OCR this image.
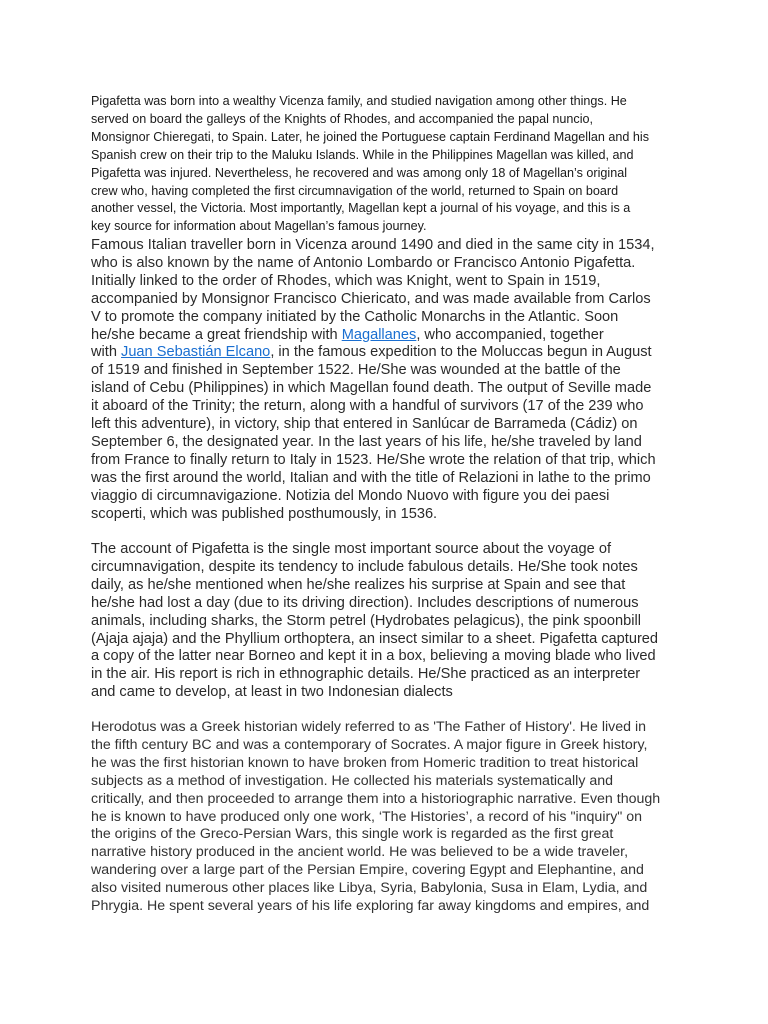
Pigafetta was born into a wealthy Vicenza family, and studied navigation among other things. He
served on board the galleys of the Knights of Rhodes, and accompanied the papal nuncio,
Monsignor Chieregati, to Spain. Later, he joined the Portuguese captain Ferdinand Magellan and his
Spanish crew on their trip to the Maluku Islands. While in the Philippines Magellan was killed, and
Pigafetta was injured. Nevertheless, he recovered and was among only 18 of Magellan’s original
crew who, having completed the first circumnavigation of the world, returned to Spain on board
another vessel, the Victoria. Most importantly, Magellan kept a journal of his voyage, and this is a
key source for information about Magellan’s famous journey.

Famous Italian traveller born in Vicenza around 1490 and died in the same city in 1534,
who is also known by the name of Antonio Lombardo or Francisco Antonio Pigafetta.
Initially linked to the order of Rhodes, which was Knight, went to Spain in 1519,
accompanied by Monsignor Francisco Chiericato, and was made available from Carlos
V to promote the company initiated by the Catholic Monarchs in the Atlantic. Soon
he/she became a great friendship with Magallanes, who accompanied, together
with Juan Sebastián Elcano, in the famous expedition to the Moluccas begun in August
of 1519 and finished in September 1522. He/She was wounded at the battle of the
island of Cebu (Philippines) in which Magellan found death. The output of Seville made
it aboard of the Trinity; the return, along with a handful of survivors (17 of the 239 who
left this adventure), in victory, ship that entered in Sanlúcar de Barrameda (Cádiz) on
September 6, the designated year. In the last years of his life, he/she traveled by land
from France to finally return to Italy in 1523. He/She wrote the relation of that trip, which
was the first around the world, Italian and with the title of Relazioni in lathe to the primo
viaggio di circumnavigazione. Notizia del Mondo Nuovo with figure you dei paesi
scoperti, which was published posthumously, in 1536.

The account of Pigafetta is the single most important source about the voyage of
circumnavigation, despite its tendency to include fabulous details. He/She took notes
daily, as he/she mentioned when he/she realizes his surprise at Spain and see that
he/she had lost a day (due to its driving direction). Includes descriptions of numerous
animals, including sharks, the Storm petrel (Hydrobates pelagicus), the pink spoonbill
(Ajaja ajaja) and the Phyllium orthoptera, an insect similar to a sheet. Pigafetta captured
a copy of the latter near Borneo and kept it in a box, believing a moving blade who lived
in the air. His report is rich in ethnographic details. He/She practiced as an interpreter
and came to develop, at least in two Indonesian dialects

Herodotus was a Greek historian widely referred to as 'The Father of History'. He lived in
the fifth century BC and was a contemporary of Socrates. A major figure in Greek history,
he was the first historian known to have broken from Homeric tradition to treat historical
subjects as a method of investigation. He collected his materials systematically and
critically, and then proceeded to arrange them into a historiographic narrative. Even though
he is known to have produced only one work, ‘The Histories’, a record of his "inquiry" on
the origins of the Greco-Persian Wars, this single work is regarded as the first great
narrative history produced in the ancient world. He was believed to be a wide traveler,
wandering over a large part of the Persian Empire, covering Egypt and Elephantine, and
also visited numerous other places like Libya, Syria, Babylonia, Susa in Elam, Lydia, and
Phrygia. He spent several years of his life exploring far away kingdoms and empires, and
